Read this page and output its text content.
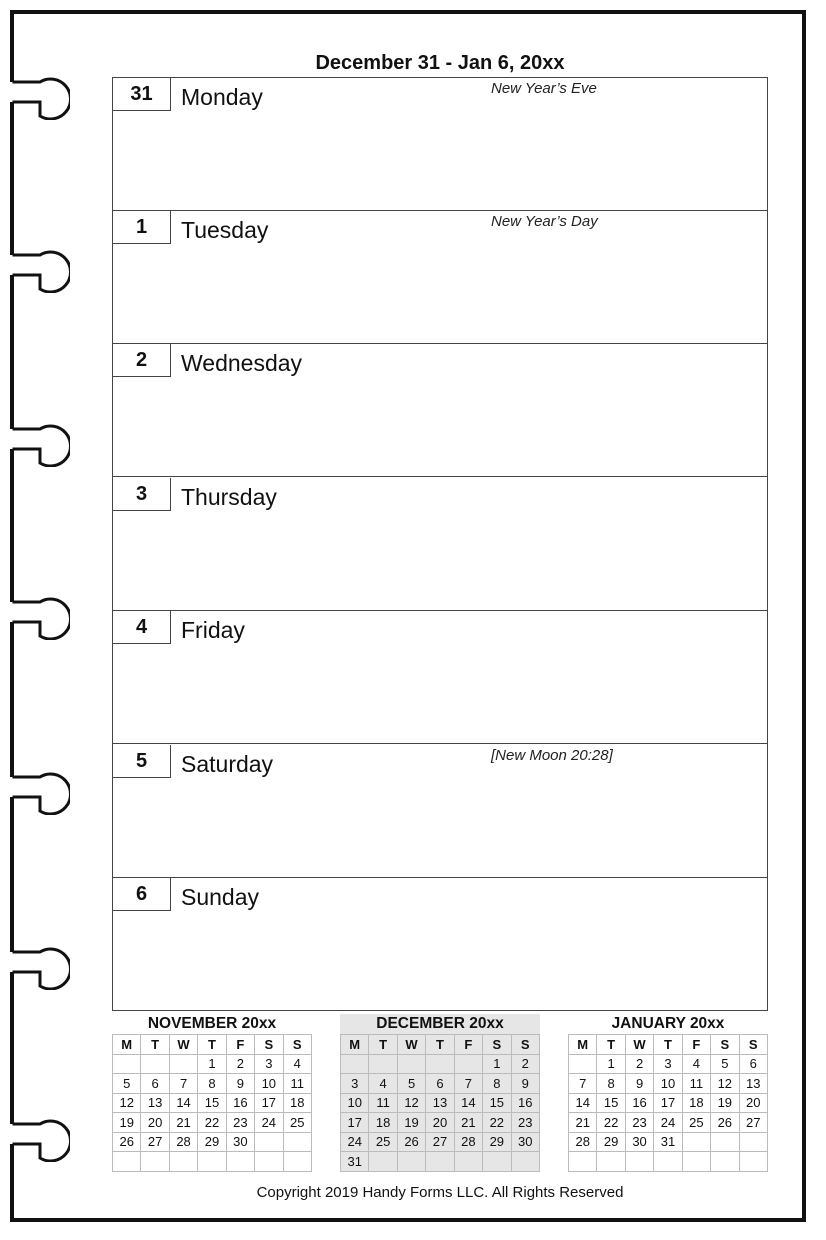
December 31 - Jan 6, 20xx
31	Monday	New Year’s Eve
1	Tuesday	New Year’s Day
2	Wednesday
3	Thursday
4	Friday
5	Saturday	[New Moon 20:28]
6	Sunday
NOVEMBER 20xx
M	T	W	T	F	S	S
			1	2	3	4
5	6	7	8	9	10	11
12	13	14	15	16	17	18
19	20	21	22	23	24	25
26	27	28	29	30		

DECEMBER 20xx
M	T	W	T	F	S	S
					1	2
3	4	5	6	7	8	9
10	11	12	13	14	15	16
17	18	19	20	21	22	23
24	25	26	27	28	29	30
31						
JANUARY 20xx
M	T	W	T	F	S	S
	1	2	3	4	5	6
7	8	9	10	11	12	13
14	15	16	17	18	19	20
21	22	23	24	25	26	27
28	29	30	31			

Copyright 2019 Handy Forms LLC. All Rights Reserved
